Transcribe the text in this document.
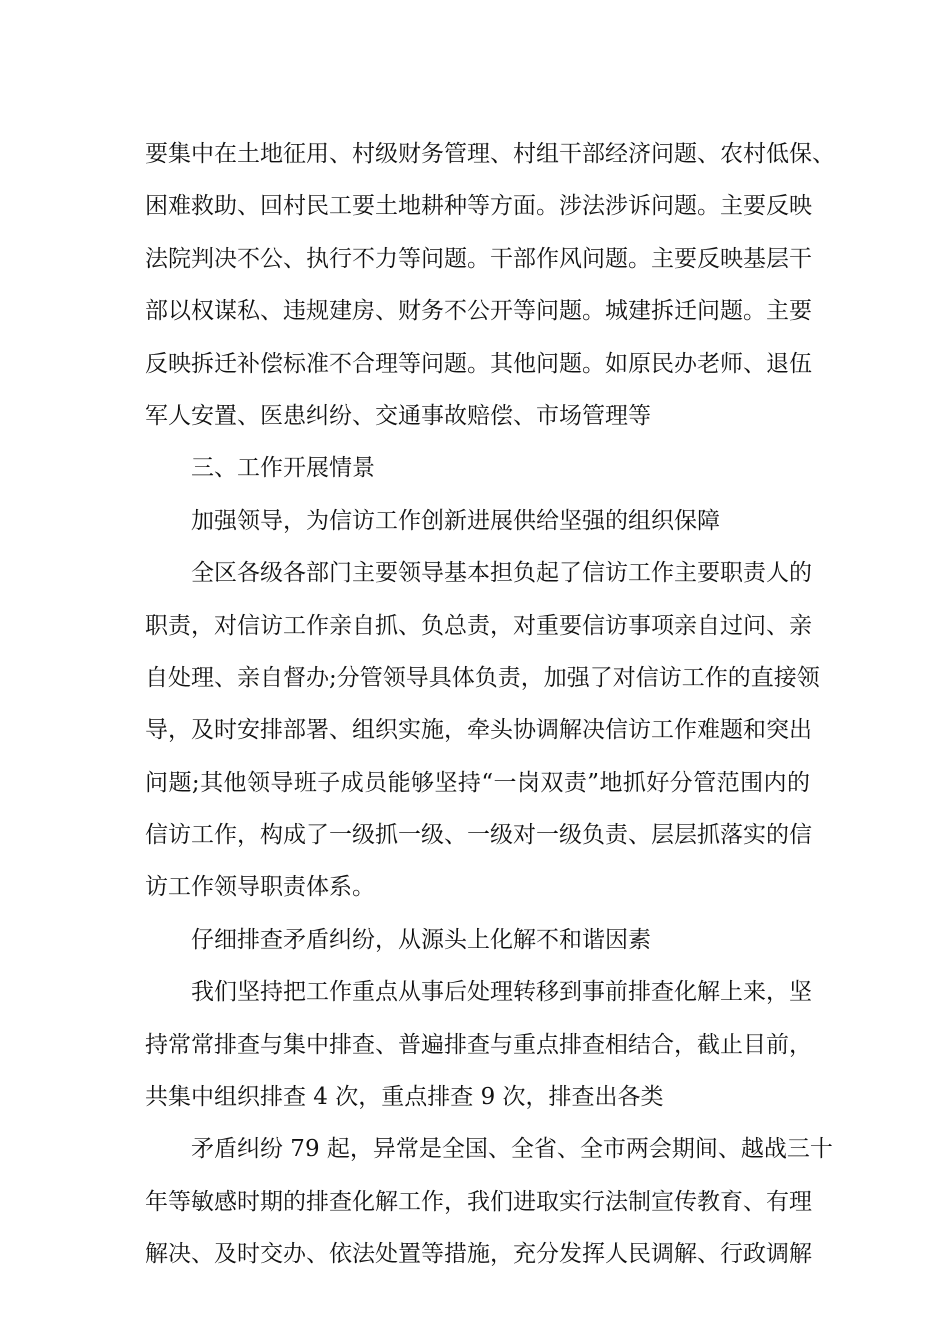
要集中在土地征用、村级财务管理、村组干部经济问题、农村低保、
困难救助、回村民工要土地耕种等方面。涉法涉诉问题。主要反映
法院判决不公、执行不力等问题。干部作风问题。主要反映基层干
部以权谋私、违规建房、财务不公开等问题。城建拆迁问题。主要
反映拆迁补偿标准不合理等问题。其他问题。如原民办老师、退伍
军人安置、医患纠纷、交通事故赔偿、市场管理等
三、工作开展情景
加强领导，为信访工作创新进展供给坚强的组织保障
全区各级各部门主要领导基本担负起了信访工作主要职责人的
职责，对信访工作亲自抓、负总责，对重要信访事项亲自过问、亲
自处理、亲自督办;分管领导具体负责，加强了对信访工作的直接领
导，及时安排部署、组织实施，牵头协调解决信访工作难题和突出
问题;其他领导班子成员能够坚持“一岗双责”地抓好分管范围内的
信访工作，构成了一级抓一级、一级对一级负责、层层抓落实的信
访工作领导职责体系。
仔细排查矛盾纠纷，从源头上化解不和谐因素
我们坚持把工作重点从事后处理转移到事前排查化解上来，坚
持常常排查与集中排查、普遍排查与重点排查相结合，截止目前，
共集中组织排查 4 次，重点排查 9 次，排查出各类
矛盾纠纷 79 起，异常是全国、全省、全市两会期间、越战三十
年等敏感时期的排查化解工作，我们进取实行法制宣传教育、有理
解决、及时交办、依法处置等措施，充分发挥人民调解、行政调解
